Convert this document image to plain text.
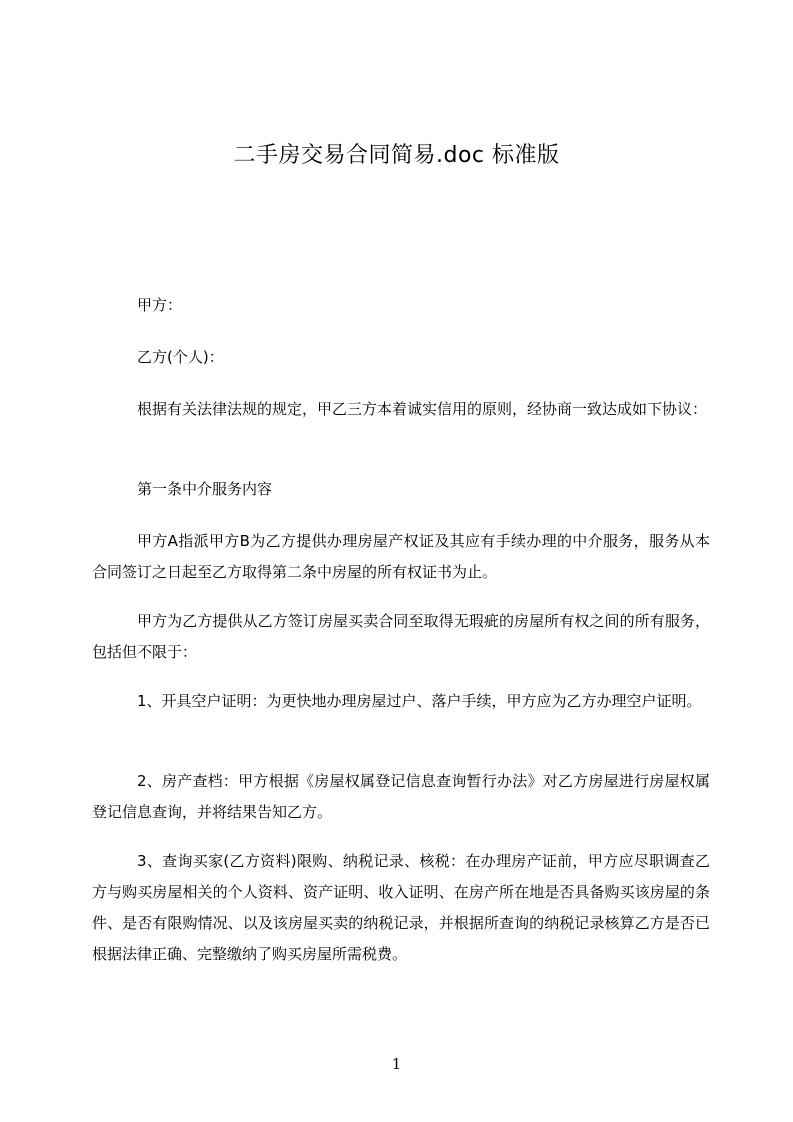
二手房交易合同简易.doc 标准版

甲方：

乙方(个人)：

根据有关法律法规的规定，甲乙三方本着诚实信用的原则，经协商一致达成如下协议：

第一条中介服务内容

甲方A指派甲方B为乙方提供办理房屋产权证及其应有手续办理的中介服务，服务从本合同签订之日起至乙方取得第二条中房屋的所有权证书为止。

甲方为乙方提供从乙方签订房屋买卖合同至取得无瑕疵的房屋所有权之间的所有服务，包括但不限于：

1、开具空户证明：为更快地办理房屋过户、落户手续，甲方应为乙方办理空户证明。

2、房产查档：甲方根据《房屋权属登记信息查询暂行办法》对乙方房屋进行房屋权属登记信息查询，并将结果告知乙方。

3、查询买家(乙方资料)限购、纳税记录、核税：在办理房产证前，甲方应尽职调查乙方与购买房屋相关的个人资料、资产证明、收入证明、在房产所在地是否具备购买该房屋的条件、是否有限购情况、以及该房屋买卖的纳税记录，并根据所查询的纳税记录核算乙方是否已根据法律正确、完整缴纳了购买房屋所需税费。

1
